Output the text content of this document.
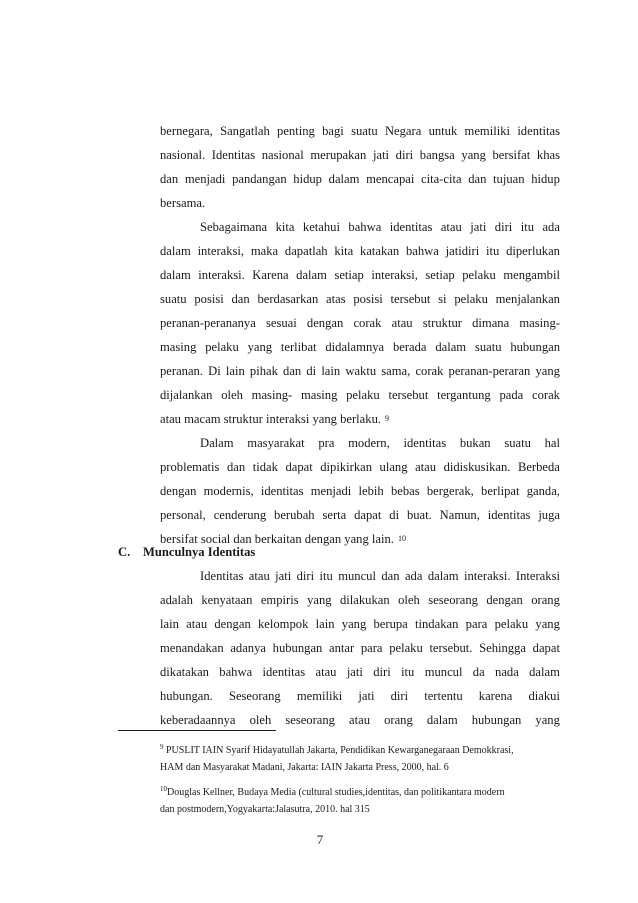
bernegara, Sangatlah penting bagi suatu Negara untuk memiliki identitas
nasional. Identitas nasional merupakan jati diri bangsa yang bersifat khas
dan menjadi pandangan hidup dalam mencapai cita-cita dan tujuan hidup
bersama.
Sebagaimana kita ketahui bahwa identitas atau jati diri itu ada
dalam interaksi, maka dapatlah kita katakan bahwa jatidiri itu diperlukan
dalam interaksi. Karena dalam setiap interaksi, setiap pelaku mengambil
suatu posisi dan berdasarkan atas posisi tersebut si pelaku menjalankan
peranan-perananya sesuai dengan corak atau struktur dimana masing-
masing pelaku yang terlibat didalamnya berada dalam suatu hubungan
peranan. Di lain pihak dan di lain waktu sama, corak peranan-peraran yang
dijalankan oleh masing- masing pelaku tersebut tergantung pada corak
atau macam struktur interaksi yang berlaku. 9
Dalam masyarakat pra modern, identitas bukan suatu hal
problematis dan tidak dapat dipikirkan ulang atau didiskusikan. Berbeda
dengan modernis, identitas menjadi lebih bebas bergerak, berlipat ganda,
personal, cenderung berubah serta dapat di buat. Namun, identitas juga
bersifat social dan berkaitan dengan yang lain. 10
C. Munculnya Identitas
Identitas atau jati diri itu muncul dan ada dalam interaksi. Interaksi
adalah kenyataan empiris yang dilakukan oleh seseorang dengan orang
lain atau dengan kelompok lain yang berupa tindakan para pelaku yang
menandakan adanya hubungan antar para pelaku tersebut. Sehingga dapat
dikatakan bahwa identitas atau jati diri itu muncul da nada dalam
hubungan. Seseorang memiliki jati diri tertentu karena diakui
keberadaannya oleh seseorang atau orang dalam hubungan yang
$^9$ PUSLIT IAIN Syarif Hidayatullah Jakarta, Pendidikan Kewarganegaraan Demokkrasi,
HAM dan Masyarakat Madani, Jakarta: IAIN Jakarta Press, 2000, hal. 6
$^{10}$Douglas Kellner, Budaya Media (cultural studies,identitas, dan politikantara modern
dan postmodern,Yogyakarta:Jalasutra, 2010. hal 315
7
